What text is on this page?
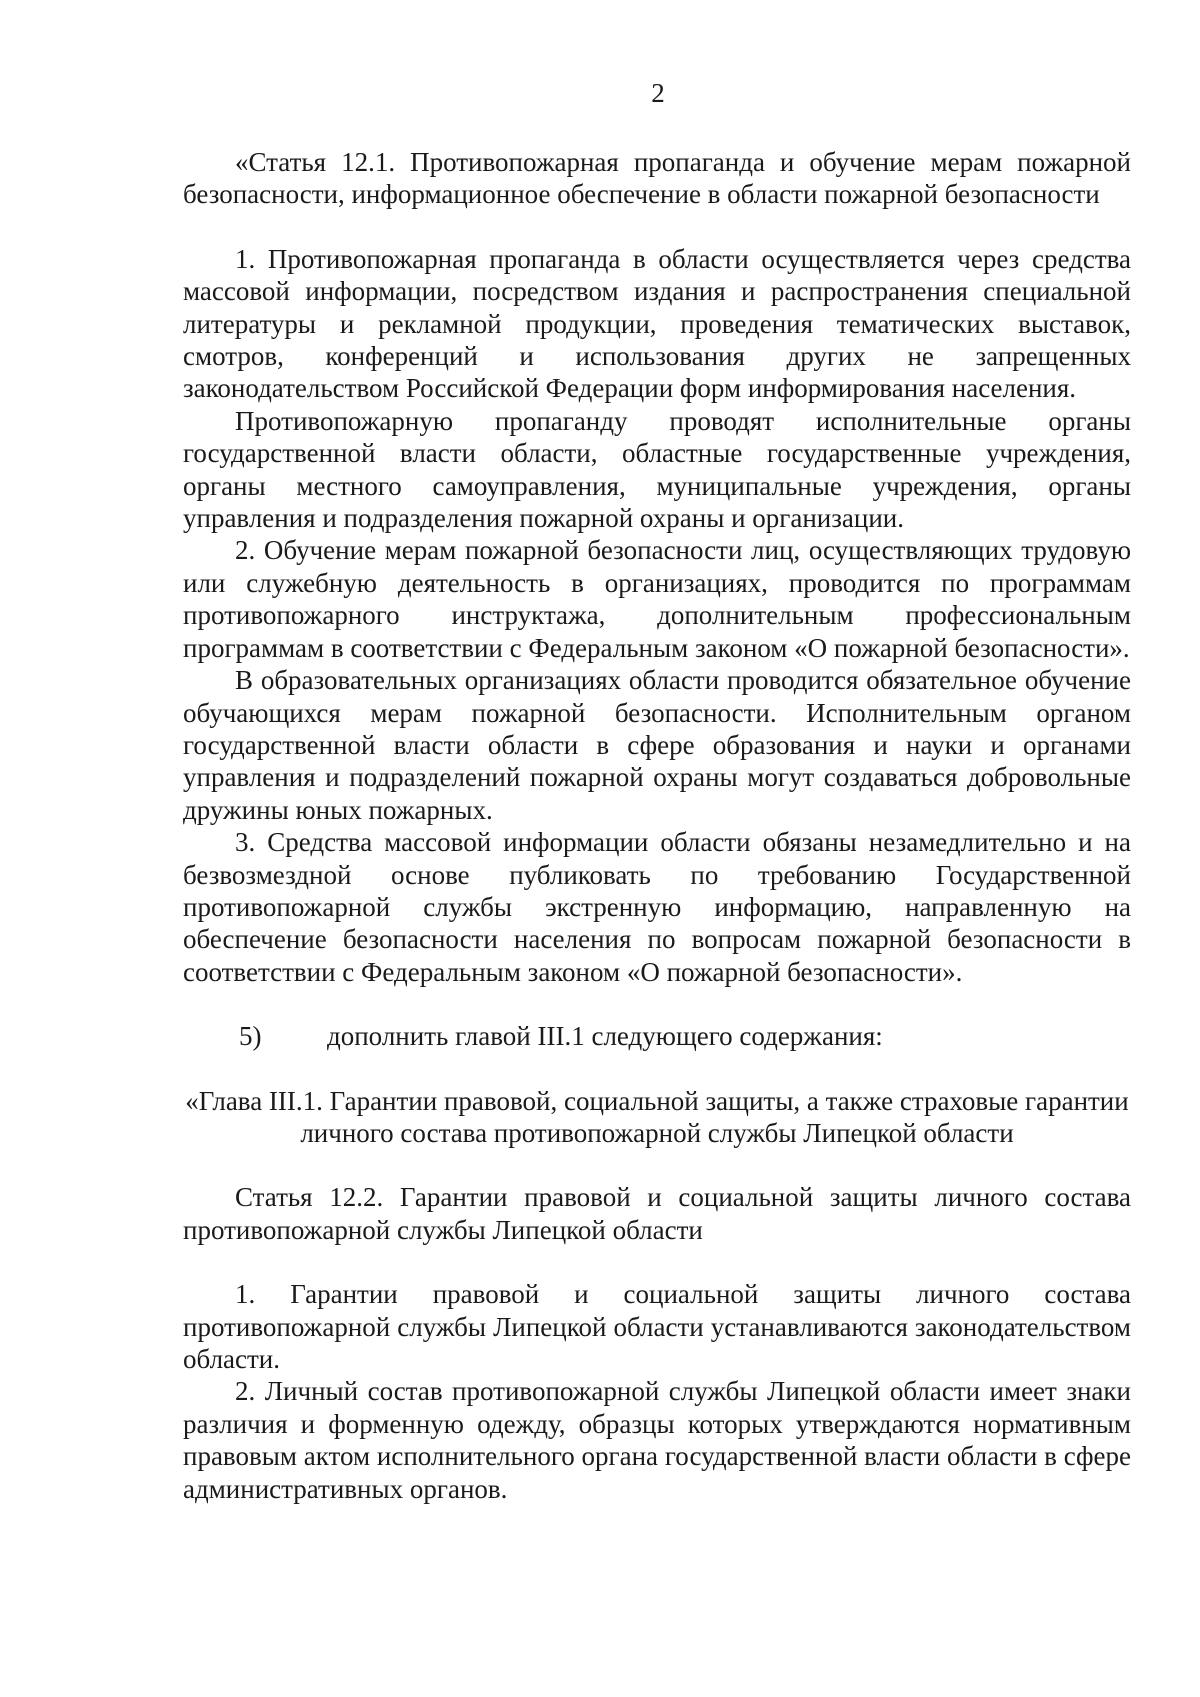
2

«Статья 12.1. Противопожарная пропаганда и обучение мерам пожарной безопасности, информационное обеспечение в области пожарной безопасности

1. Противопожарная пропаганда в области осуществляется через средства массовой информации, посредством издания и распространения специальной литературы и рекламной продукции, проведения тематических выставок, смотров, конференций и использования других не запрещенных законодательством Российской Федерации форм информирования населения.

Противопожарную пропаганду проводят исполнительные органы государственной власти области, областные государственные учреждения, органы местного самоуправления, муниципальные учреждения, органы управления и подразделения пожарной охраны и организации.

2. Обучение мерам пожарной безопасности лиц, осуществляющих трудовую или служебную деятельность в организациях, проводится по программам противопожарного инструктажа, дополнительным профессиональным программам в соответствии с Федеральным законом «О пожарной безопасности».

В образовательных организациях области проводится обязательное обучение обучающихся мерам пожарной безопасности. Исполнительным органом государственной власти области в сфере образования и науки и органами управления и подразделений пожарной охраны могут создаваться добровольные дружины юных пожарных.

3. Средства массовой информации области обязаны незамедлительно и на безвозмездной основе публиковать по требованию Государственной противопожарной службы экстренную информацию, направленную на обеспечение безопасности населения по вопросам пожарной безопасности в соответствии с Федеральным законом «О пожарной безопасности».

5)	дополнить главой III.1 следующего содержания:

«Глава III.1. Гарантии правовой, социальной защиты, а также страховые гарантии личного состава противопожарной службы Липецкой области

Статья 12.2. Гарантии правовой и социальной защиты личного состава противопожарной службы Липецкой области

1. Гарантии правовой и социальной защиты личного состава противопожарной службы Липецкой области устанавливаются законодательством области.

2. Личный состав противопожарной службы Липецкой области имеет знаки различия и форменную одежду, образцы которых утверждаются нормативным правовым актом исполнительного органа государственной власти области в сфере административных органов.
